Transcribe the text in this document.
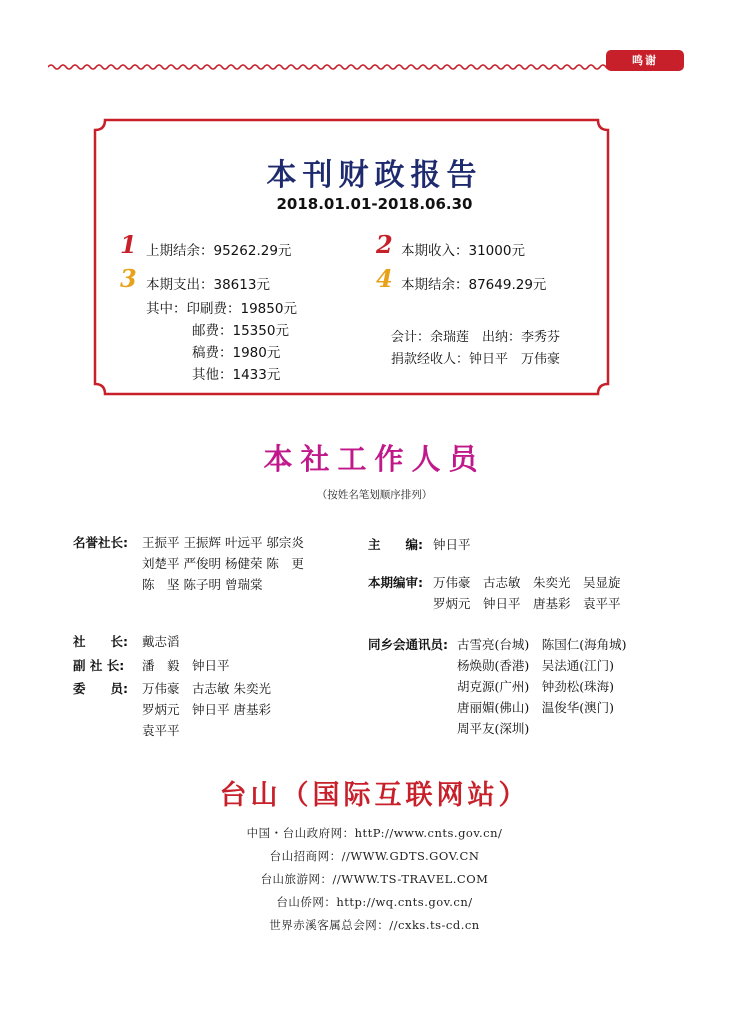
鸣谢
本刊财政报告
2018.01.01-2018.06.30
1 上期结余：95262.29元	2 本期收入：31000元
3 本期支出：38613元	4 本期结余：87649.29元
其中：印刷费：19850元
邮费：15350元
稿费：1980元
其他：1433元
会计：余瑞莲　出纳：李秀芬
捐款经收人：钟日平　万伟豪
本社工作人员
（按姓名笔划顺序排列）
名誉社长: 王振平 王振辉 叶远平 邬宗炎
刘楚平 严俊明 杨健荣 陈　更
陈　坚 陈子明 曾瑞棠
社　　长: 戴志滔
副 社 长: 潘　毅　钟日平
委　　员: 万伟豪　古志敏 朱奕光
罗炳元　钟日平 唐基彩
袁平平
主　　编: 钟日平
本期编审: 万伟豪　古志敏　朱奕光　吴显旋
罗炳元　钟日平　唐基彩　袁平平
同乡会通讯员: 古雪亮(台城)　陈国仁(海角城)
杨焕勋(香港)　吴法通(江门)
胡克源(广州)　钟劲松(珠海)
唐丽媚(佛山)　温俊华(澳门)
周平友(深圳)
台山（国际互联网站）
中国・台山政府网：httP://www.cnts.gov.cn/
台山招商网：//WWW.GDTS.GOV.CN
台山旅游网：//WWW.TS-TRAVEL.COM
台山侨网：http://wq.cnts.gov.cn/
世界赤溪客属总会网：//cxks.ts-cd.cn
